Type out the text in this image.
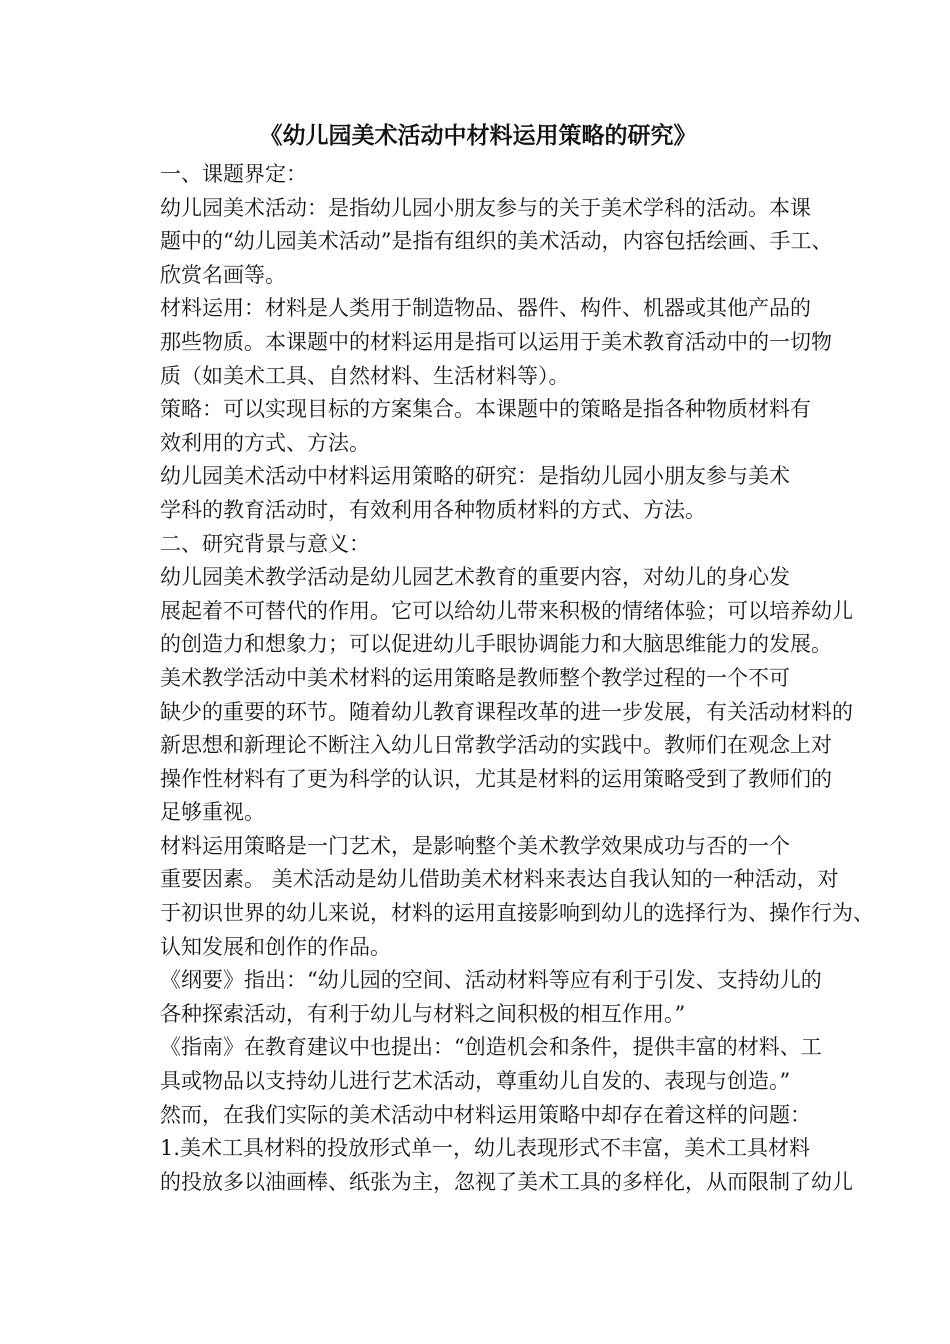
《幼儿园美术活动中材料运用策略的研究》

一、课题界定：

幼儿园美术活动：是指幼儿园小朋友参与的关于美术学科的活动。本课
题中的“幼儿园美术活动”是指有组织的美术活动，内容包括绘画、手工、
欣赏名画等。

材料运用：材料是人类用于制造物品、器件、构件、机器或其他产品的
那些物质。本课题中的材料运用是指可以运用于美术教育活动中的一切物
质（如美术工具、自然材料、生活材料等）。

策略：可以实现目标的方案集合。本课题中的策略是指各种物质材料有
效利用的方式、方法。

幼儿园美术活动中材料运用策略的研究：是指幼儿园小朋友参与美术
学科的教育活动时，有效利用各种物质材料的方式、方法。

二、研究背景与意义：

幼儿园美术教学活动是幼儿园艺术教育的重要内容，对幼儿的身心发
展起着不可替代的作用。它可以给幼儿带来积极的情绪体验；可以培养幼儿
的创造力和想象力；可以促进幼儿手眼协调能力和大脑思维能力的发展。

美术教学活动中美术材料的运用策略是教师整个教学过程的一个不可
缺少的重要的环节。随着幼儿教育课程改革的进一步发展，有关活动材料的
新思想和新理论不断注入幼儿日常教学活动的实践中。教师们在观念上对
操作性材料有了更为科学的认识，尤其是材料的运用策略受到了教师们的
足够重视。

材料运用策略是一门艺术，是影响整个美术教学效果成功与否的一个
重要因素。 美术活动是幼儿借助美术材料来表达自我认知的一种活动，对
于初识世界的幼儿来说，材料的运用直接影响到幼儿的选择行为、操作行为、
认知发展和创作的作品。

《纲要》指出：“幼儿园的空间、活动材料等应有利于引发、支持幼儿的
各种探索活动，有利于幼儿与材料之间积极的相互作用。”

《指南》在教育建议中也提出：“创造机会和条件，提供丰富的材料、工
具或物品以支持幼儿进行艺术活动，尊重幼儿自发的、表现与创造。”

然而，在我们实际的美术活动中材料运用策略中却存在着这样的问题：

1.美术工具材料的投放形式单一，幼儿表现形式不丰富，美术工具材料
的投放多以油画棒、纸张为主，忽视了美术工具的多样化，从而限制了幼儿
